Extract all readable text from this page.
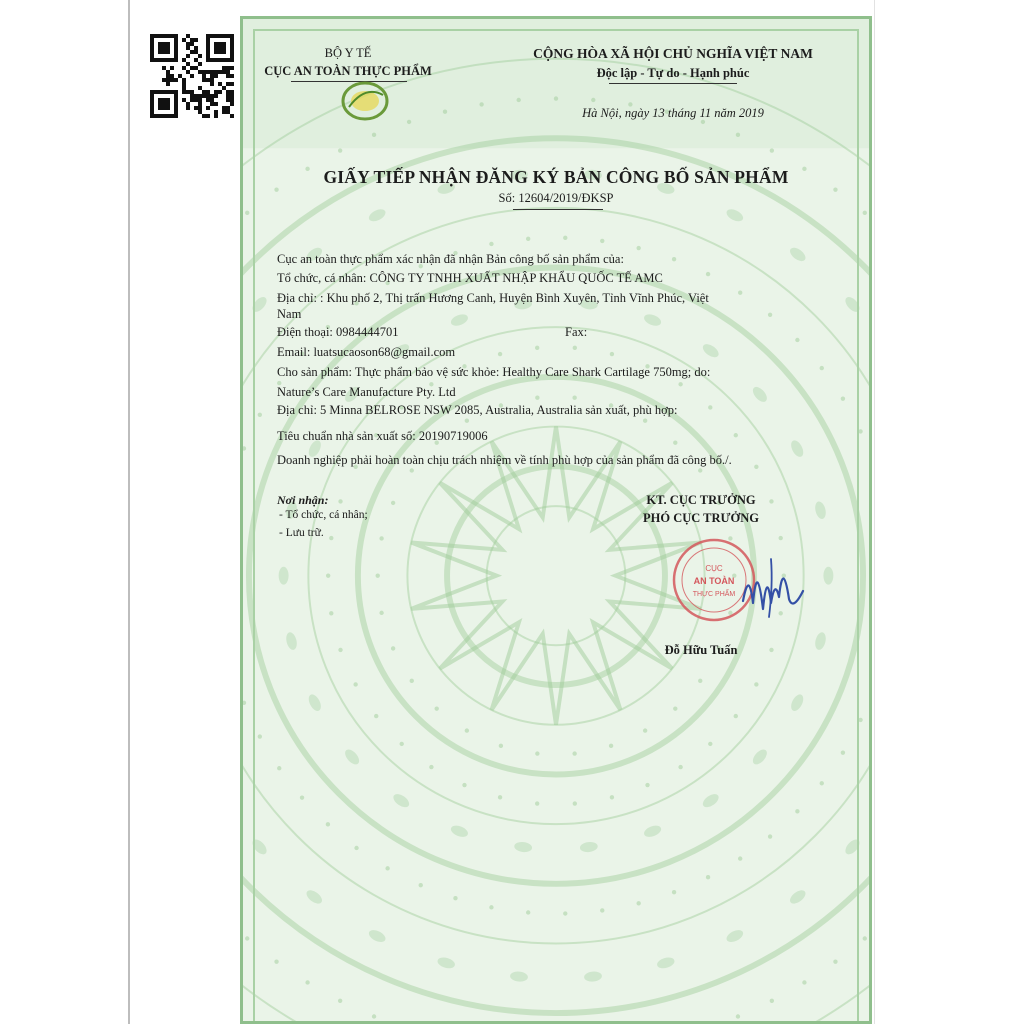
BỘ Y TẾ
CỤC AN TOÀN THỰC PHẨM
CỘNG HÒA XÃ HỘI CHỦ NGHĨA VIỆT NAM
Độc lập - Tự do - Hạnh phúc
Hà Nội, ngày 13 tháng 11 năm 2019
GIẤY TIẾP NHẬN ĐĂNG KÝ BẢN CÔNG BỐ SẢN PHẨM
Số: 12604/2019/ĐKSP
Cục an toàn thực phẩm xác nhận đã nhận Bản công bố sản phẩm của:
Tổ chức, cá nhân: CÔNG TY TNHH XUẤT NHẬP KHẨU QUỐC TẾ AMC
Địa chỉ: : Khu phố 2, Thị trấn Hương Canh, Huyện Bình Xuyên, Tỉnh Vĩnh Phúc, Việt
Nam
Điện thoại: 0984444701	Fax:
Email: luatsucaoson68@gmail.com
Cho sản phẩm: Thực phẩm bảo vệ sức khỏe: Healthy Care Shark Cartilage 750mg; do:
Nature’s Care Manufacture Pty. Ltd
Địa chỉ: 5 Minna BELROSE NSW 2085, Australia, Australia sản xuất, phù hợp:
Tiêu chuẩn nhà sản xuất số: 20190719006
Doanh nghiệp phải hoàn toàn chịu trách nhiệm về tính phù hợp của sản phẩm đã công bố./.
Nơi nhận:
- Tổ chức, cá nhân;
- Lưu trữ.
KT. CỤC TRƯỞNG
PHÓ CỤC TRƯỞNG
CỤC
AN TOÀN
THỰC PHẨM
Đỗ Hữu Tuấn
